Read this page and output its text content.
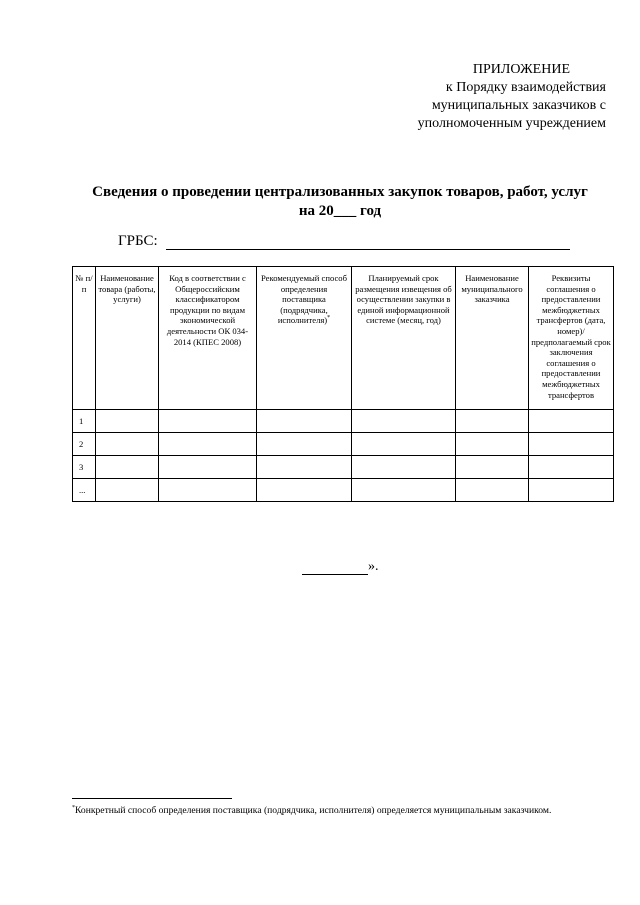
ПРИЛОЖЕНИЕ
к Порядку взаимодействия
муниципальных заказчиков с
уполномоченным учреждением
Сведения о проведении централизованных закупок товаров, работ, услуг
на 20___ год
ГРБС:
№ п/п	Наименование товара (работы, услуги)	Код в соответствии с Общероссийским классификатором продукции по видам экономической деятельности ОК 034-2014 (КПЕС 2008)	Рекомендуемый способ определения поставщика (подрядчика, исполнителя)*	Планируемый срок размещения извещения об осуществлении закупки в единой информационной системе (месяц, год)	Наименование муниципального заказчика	Реквизиты соглашения о предоставлении межбюджетных трансфертов (дата, номер)/ предполагаемый срок заключения соглашения о предоставлении межбюджетных трансфертов

1						
2						
3						
...						
».
*Конкретный способ определения поставщика (подрядчика, исполнителя) определяется муниципальным заказчиком.
